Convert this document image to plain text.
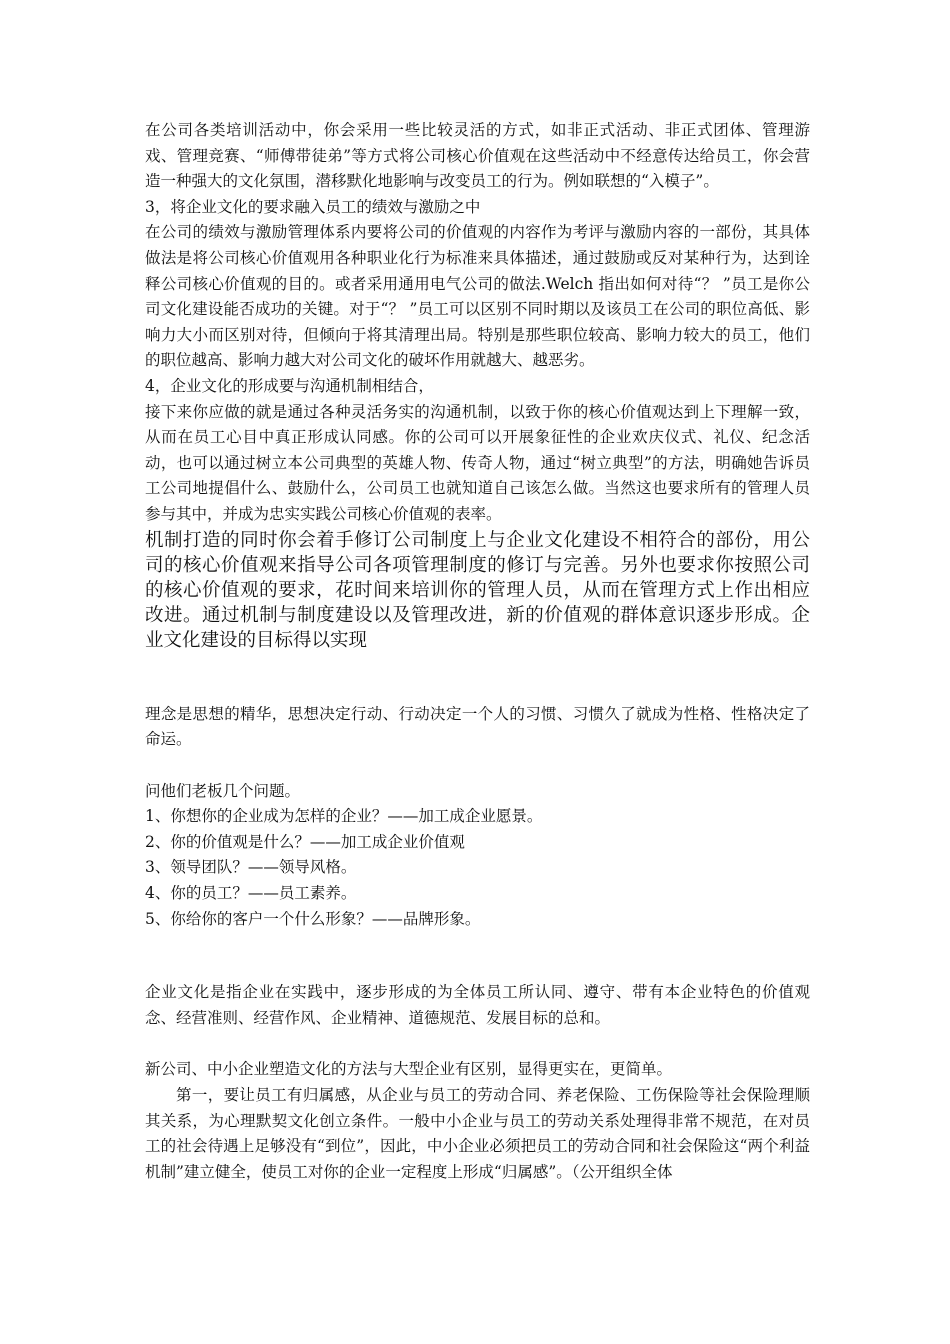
在公司各类培训活动中，你会采用一些比较灵活的方式，如非正式活动、非正式团体、管理游戏、管理竞赛、“师傅带徒弟”等方式将公司核心价值观在这些活动中不经意传达给员工，你会营造一种强大的文化氛围，潜移默化地影响与改变员工的行为。例如联想的“入模子”。

3，将企业文化的要求融入员工的绩效与激励之中

在公司的绩效与激励管理体系内要将公司的价值观的内容作为考评与激励内容的一部份，其具体做法是将公司核心价值观用各种职业化行为标准来具体描述，通过鼓励或反对某种行为，达到诠释公司核心价值观的目的。或者采用通用电气公司的做法.Welch 指出如何对待“？ ”员工是你公司文化建设能否成功的关键。对于“？ ”员工可以区别不同时期以及该员工在公司的职位高低、影响力大小而区别对待，但倾向于将其清理出局。特别是那些职位较高、影响力较大的员工，他们的职位越高、影响力越大对公司文化的破坏作用就越大、越恶劣。

4，企业文化的形成要与沟通机制相结合，

接下来你应做的就是通过各种灵活务实的沟通机制，以致于你的核心价值观达到上下理解一致，从而在员工心目中真正形成认同感。你的公司可以开展象征性的企业欢庆仪式、礼仪、纪念活动，也可以通过树立本公司典型的英雄人物、传奇人物，通过“树立典型”的方法，明确她告诉员工公司地提倡什么、鼓励什么，公司员工也就知道自己该怎么做。当然这也要求所有的管理人员参与其中，并成为忠实实践公司核心价值观的表率。

机制打造的同时你会着手修订公司制度上与企业文化建设不相符合的部份，用公司的核心价值观来指导公司各项管理制度的修订与完善。另外也要求你按照公司的核心价值观的要求，花时间来培训你的管理人员，从而在管理方式上作出相应改进。通过机制与制度建设以及管理改进，新的价值观的群体意识逐步形成。企业文化建设的目标得以实现

理念是思想的精华，思想决定行动、行动决定一个人的习惯、习惯久了就成为性格、性格决定了命运。

问他们老板几个问题。

1、你想你的企业成为怎样的企业？——加工成企业愿景。
2、你的价值观是什么？——加工成企业价值观
3、领导团队？——领导风格。
4、你的员工？——员工素养。
5、你给你的客户一个什么形象？——品牌形象。

企业文化是指企业在实践中，逐步形成的为全体员工所认同、遵守、带有本企业特色的价值观念、经营准则、经营作风、企业精神、道德规范、发展目标的总和。

新公司、中小企业塑造文化的方法与大型企业有区别，显得更实在，更简单。

第一，要让员工有归属感，从企业与员工的劳动合同、养老保险、工伤保险等社会保险理顺其关系，为心理默契文化创立条件。一般中小企业与员工的劳动关系处理得非常不规范，在对员工的社会待遇上足够没有“到位”，因此，中小企业必须把员工的劳动合同和社会保险这“两个利益机制”建立健全，使员工对你的企业一定程度上形成“归属感”。（公开组织全体
